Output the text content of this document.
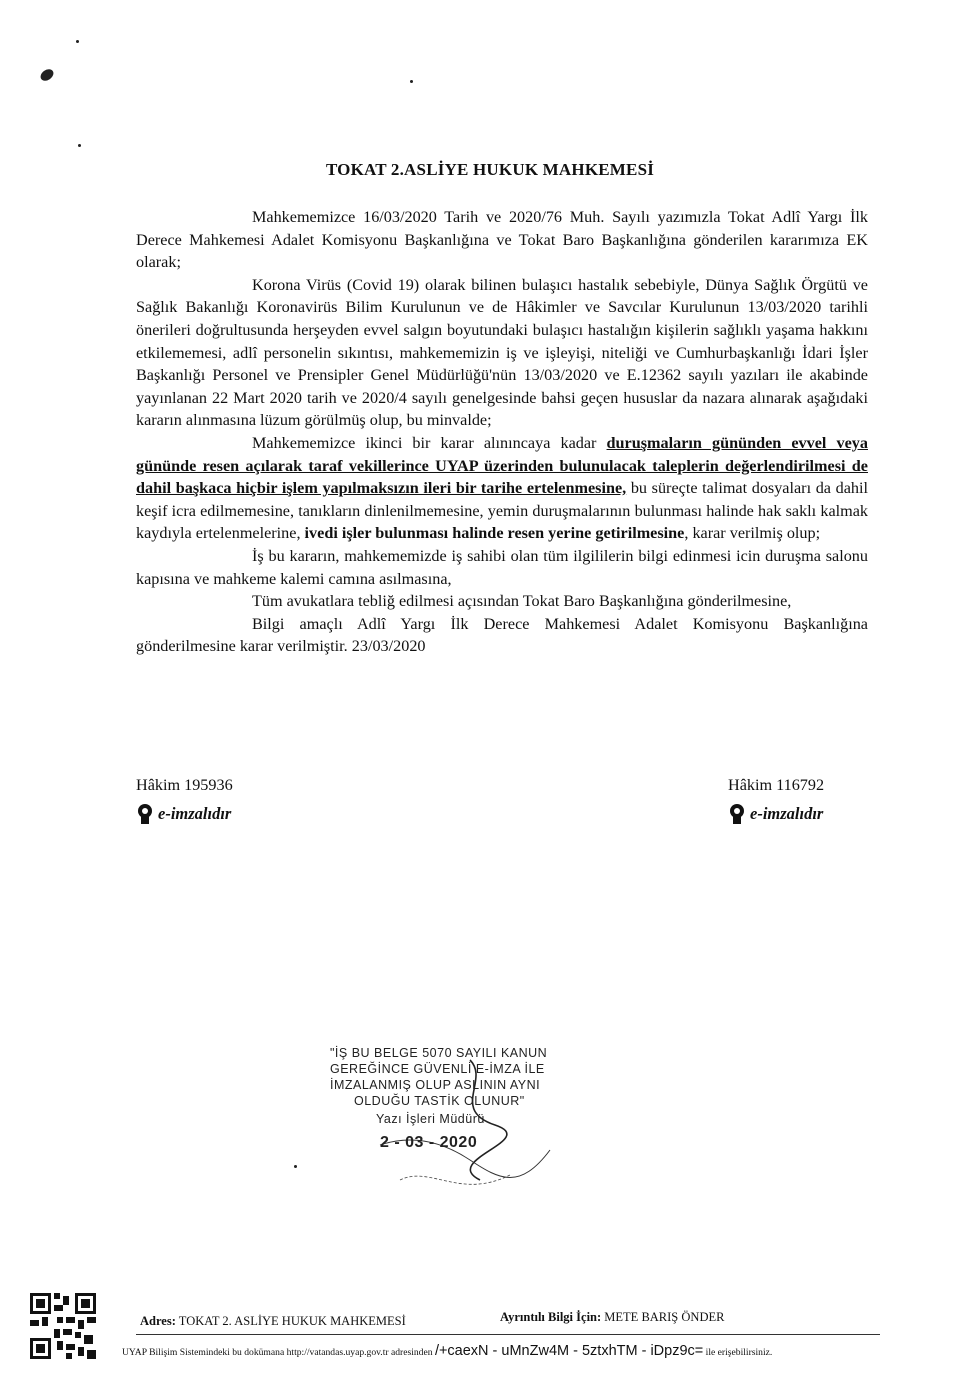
TOKAT 2.ASLİYE HUKUK MAHKEMESİ

Mahkememizce 16/03/2020 Tarih ve 2020/76 Muh. Sayılı yazımızla Tokat Adlî Yargı İlk Derece Mahkemesi Adalet Komisyonu Başkanlığına ve Tokat Baro Başkanlığına gönderilen kararımıza EK olarak;

Korona Virüs (Covid 19) olarak bilinen bulaşıcı hastalık sebebiyle, Dünya Sağlık Örgütü ve Sağlık Bakanlığı Koronavirüs Bilim Kurulunun ve de Hâkimler ve Savcılar Kurulunun 13/03/2020 tarihli önerileri doğrultusunda herşeyden evvel salgın boyutundaki bulaşıcı hastalığın kişilerin sağlıklı yaşama hakkını etkilememesi, adlî personelin sıkıntısı, mahkememizin iş ve işleyişi, niteliği ve Cumhurbaşkanlığı İdari İşler Başkanlığı Personel ve Prensipler Genel Müdürlüğü'nün 13/03/2020 ve E.12362 sayılı yazıları ile akabinde yayınlanan 22 Mart 2020 tarih ve 2020/4 sayılı genelgesinde bahsi geçen hususlar da nazara alınarak aşağıdaki kararın alınmasına lüzum görülmüş olup, bu minvalde;

Mahkememizce ikinci bir karar alınıncaya kadar duruşmaların gününden evvel veya gününde resen açılarak taraf vekillerince UYAP üzerinden bulunulacak taleplerin değerlendirilmesi de dahil başkaca hiçbir işlem yapılmaksızın ileri bir tarihe ertelenmesine, bu süreçte talimat dosyaları da dahil keşif icra edilmemesine, tanıkların dinlenilmemesine, yemin duruşmalarının bulunması halinde hak saklı kalmak kaydıyla ertelenmelerine, ivedi işler bulunması halinde resen yerine getirilmesine, karar verilmiş olup;

İş bu kararın, mahkememizde iş sahibi olan tüm ilgililerin bilgi edinmesi icin duruşma salonu kapısına ve mahkeme kalemi camına asılmasına,

Tüm avukatlara tebliğ edilmesi açısından Tokat Baro Başkanlığına gönderilmesine,

Bilgi amaçlı Adlî Yargı İlk Derece Mahkemesi Adalet Komisyonu Başkanlığına gönderilmesine karar verilmiştir. 23/03/2020

Hâkim 195936
e-imzalıdır
Hâkim 116792
e-imzalıdır
"İŞ BU BELGE 5070 SAYILI KANUN
GEREĞİNCE GÜVENLİ E-İMZA İLE
İMZALANMIŞ OLUP ASLININ AYNI
OLDUĞU TASTİK OLUNUR"
Yazı İşleri Müdürü
2 - 03 - 2020
Adres: TOKAT 2. ASLİYE HUKUK MAHKEMESİ	Ayrıntılı Bilgi İçin: METE BARIŞ ÖNDER
UYAP Bilişim Sistemindeki bu dokümana http://vatandas.uyap.gov.tr adresinden /+caexN - uMnZw4M - 5ztxhTM - iDpz9c= ile erişebilirsiniz.
